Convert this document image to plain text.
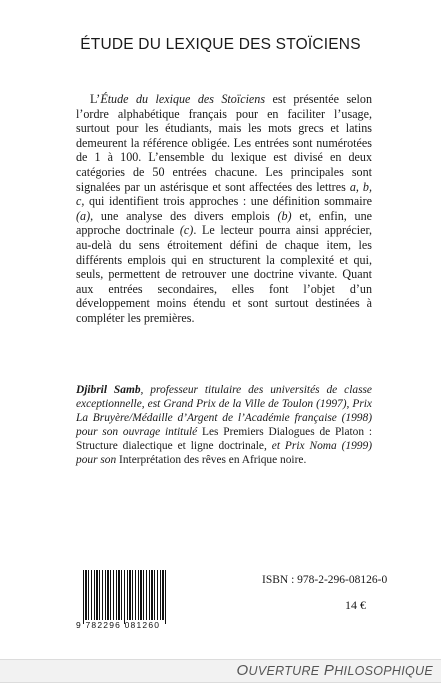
ÉTUDE DU LEXIQUE DES STOÏCIENS

L’Étude du lexique des Stoïciens est présentée selon l’ordre alphabétique français pour en faciliter l’usage, surtout pour les étudiants, mais les mots grecs et latins demeurent la référence obligée. Les entrées sont numérotées de 1 à 100. L’ensemble du lexique est divisé en deux catégories de 50 entrées chacune. Les principales sont signalées par un astérisque et sont affectées des lettres a, b, c, qui identifient trois approches : une définition sommaire (a), une analyse des divers emplois (b) et, enfin, une approche doctrinale (c). Le lecteur pourra ainsi apprécier, au-delà du sens étroitement défini de chaque item, les différents emplois qui en structurent la complexité et qui, seuls, permettent de retrouver une doctrine vivante. Quant aux entrées secondaires, elles font l’objet d’un développement moins étendu et sont surtout destinées à compléter les premières.

Djibril Samb, professeur titulaire des universités de classe exceptionnelle, est Grand Prix de la Ville de Toulon (1997), Prix La Bruyère/Médaille d’Argent de l’Académie française (1998) pour son ouvrage intitulé Les Premiers Dialogues de Platon : Structure dialectique et ligne doctrinale, et Prix Noma (1999) pour son Interprétation des rêves en Afrique noire.

9 782296 081260
ISBN : 978-2-296-08126-0
14 €
OUVERTURE PHILOSOPHIQUE
